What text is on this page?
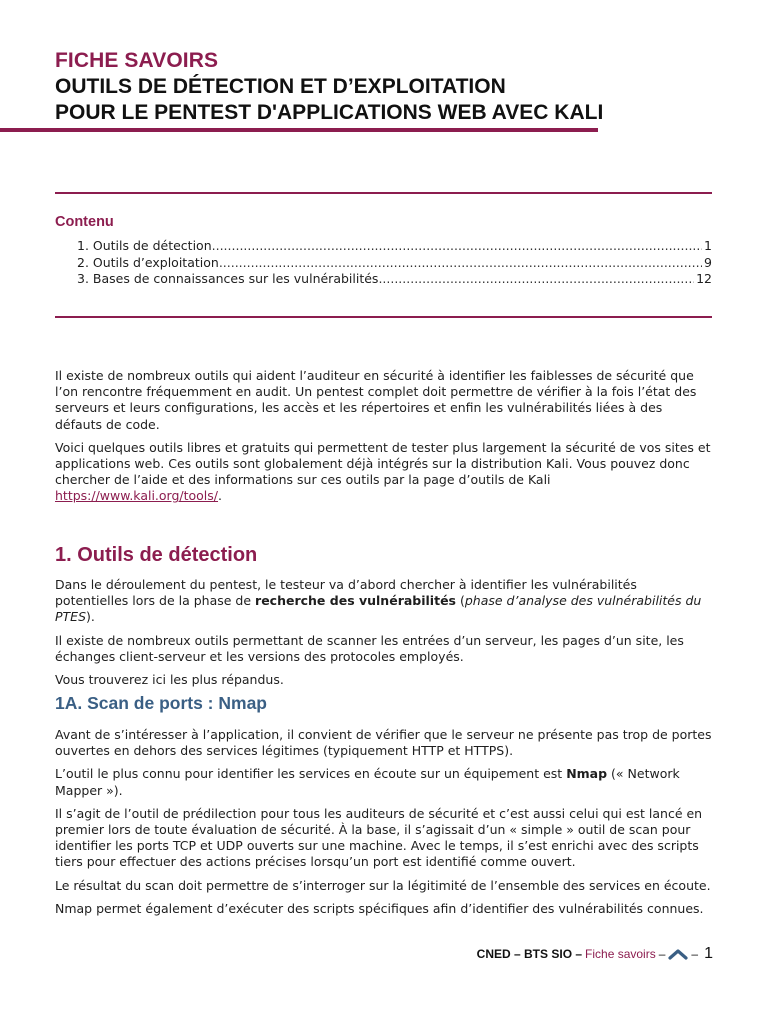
FICHE SAVOIRS
OUTILS DE DÉTECTION ET D’EXPLOITATION
POUR LE PENTEST D'APPLICATIONS WEB AVEC KALI
Contenu
1. Outils de détection .....	1
2. Outils d’exploitation .....	9
3. Bases de connaissances sur les vulnérabilités .....	12

Il existe de nombreux outils qui aident l’auditeur en sécurité à identifier les faiblesses de sécurité que l’on rencontre fréquemment en audit. Un pentest complet doit permettre de vérifier à la fois l’état des serveurs et leurs configurations, les accès et les répertoires et enfin les vulnérabilités liées à des défauts de code.

Voici quelques outils libres et gratuits qui permettent de tester plus largement la sécurité de vos sites et applications web. Ces outils sont globalement déjà intégrés sur la distribution Kali. Vous pouvez donc chercher de l’aide et des informations sur ces outils par la page d’outils de Kali https://www.kali.org/tools/.

1. Outils de détection

Dans le déroulement du pentest, le testeur va d’abord chercher à identifier les vulnérabilités potentielles lors de la phase de recherche des vulnérabilités (phase d’analyse des vulnérabilités du PTES).

Il existe de nombreux outils permettant de scanner les entrées d’un serveur, les pages d’un site, les échanges client-serveur et les versions des protocoles employés.

Vous trouverez ici les plus répandus.

1A. Scan de ports : Nmap

Avant de s’intéresser à l’application, il convient de vérifier que le serveur ne présente pas trop de portes ouvertes en dehors des services légitimes (typiquement HTTP et HTTPS).

L’outil le plus connu pour identifier les services en écoute sur un équipement est Nmap (« Network Mapper »).

Il s’agit de l’outil de prédilection pour tous les auditeurs de sécurité et c’est aussi celui qui est lancé en premier lors de toute évaluation de sécurité. À la base, il s’agissait d’un « simple » outil de scan pour identifier les ports TCP et UDP ouverts sur une machine. Avec le temps, il s’est enrichi avec des scripts tiers pour effectuer des actions précises lorsqu’un port est identifié comme ouvert.

Le résultat du scan doit permettre de s’interroger sur la légitimité de l’ensemble des services en écoute.

Nmap permet également d’exécuter des scripts spécifiques afin d’identifier des vulnérabilités connues.

CNED – BTS SIO – Fiche savoirs – – 1
